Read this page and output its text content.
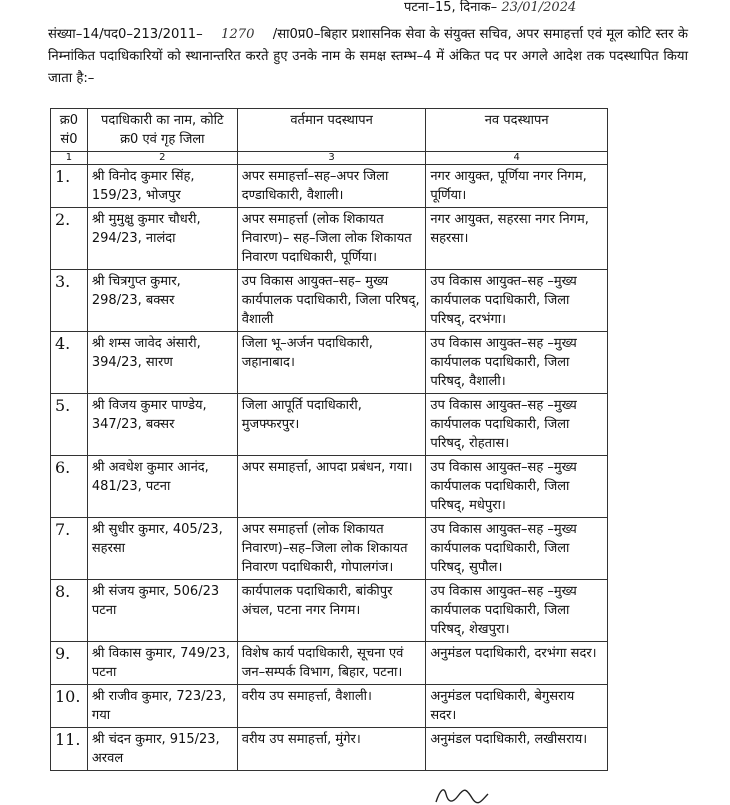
पटना–15, दिनाक– 23/01/2024
संख्या–14/पद0–213/2011– 1270 /सा0प्र0–बिहार प्रशासनिक सेवा के संयुक्त सचिव, अपर समाहर्त्ता एवं मूल कोटि स्तर के निम्नांकित पदाधिकारियों को स्थानान्तरित करते हुए उनके नाम के समक्ष स्तम्भ–4 में अंकित पद पर अगले आदेश तक पदस्थापित किया जाता है:–
क्र0 सं0	पदाधिकारी का नाम, कोटि क्र0 एवं गृह जिला	वर्तमान पदस्थापन	नव पदस्थापन
1	2	3	4
1.	श्री विनोद कुमार सिंह, 159/23, भोजपुर	अपर समाहर्त्ता–सह–अपर जिला दण्डाधिकारी, वैशाली।	नगर आयुक्त, पूर्णिया नगर निगम, पूर्णिया।
2.	श्री मुमुक्षु कुमार चौधरी, 294/23, नालंदा	अपर समाहर्त्ता (लोक शिकायत निवारण)– सह–जिला लोक शिकायत निवारण पदाधिकारी, पूर्णिया।	नगर आयुक्त, सहरसा नगर निगम, सहरसा।
3.	श्री चित्रगुप्त कुमार, 298/23, बक्सर	उप विकास आयुक्त–सह– मुख्य कार्यपालक पदाधिकारी, जिला परिषद्, वैशाली	उप विकास आयुक्त–सह –मुख्य कार्यपालक पदाधिकारी, जिला परिषद्, दरभंगा।
4.	श्री शम्स जावेद अंसारी, 394/23, सारण	जिला भू–अर्जन पदाधिकारी, जहानाबाद।	उप विकास आयुक्त–सह –मुख्य कार्यपालक पदाधिकारी, जिला परिषद्, वैशाली।
5.	श्री विजय कुमार पाण्डेय, 347/23, बक्सर	जिला आपूर्ति पदाधिकारी, मुजफ्फरपुर।	उप विकास आयुक्त–सह –मुख्य कार्यपालक पदाधिकारी, जिला परिषद्, रोहतास।
6.	श्री अवधेश कुमार आनंद, 481/23, पटना	अपर समाहर्त्ता, आपदा प्रबंधन, गया।	उप विकास आयुक्त–सह –मुख्य कार्यपालक पदाधिकारी, जिला परिषद्, मधेपुरा।
7.	श्री सुधीर कुमार, 405/23, सहरसा	अपर समाहर्त्ता (लोक शिकायत निवारण)–सह–जिला लोक शिकायत निवारण पदाधिकारी, गोपालगंज।	उप विकास आयुक्त–सह –मुख्य कार्यपालक पदाधिकारी, जिला परिषद्, सुपौल।
8.	श्री संजय कुमार, 506/23 पटना	कार्यपालक पदाधिकारी, बांकीपुर अंचल, पटना नगर निगम।	उप विकास आयुक्त–सह –मुख्य कार्यपालक पदाधिकारी, जिला परिषद्, शेखपुरा।
9.	श्री विकास कुमार, 749/23, पटना	विशेष कार्य पदाधिकारी, सूचना एवं जन–सम्पर्क विभाग, बिहार, पटना।	अनुमंडल पदाधिकारी, दरभंगा सदर।
10.	श्री राजीव कुमार, 723/23, गया	वरीय उप समाहर्त्ता, वैशाली।	अनुमंडल पदाधिकारी, बेगुसराय सदर।
11.	श्री चंदन कुमार, 915/23, अरवल	वरीय उप समाहर्त्ता, मुंगेर।	अनुमंडल पदाधिकारी, लखीसराय।
